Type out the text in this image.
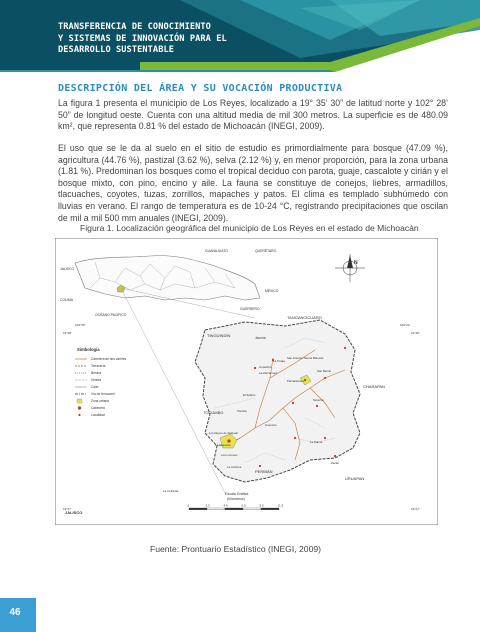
TRANSFERENCIA DE CONOCIMIENTO
Y SISTEMAS DE INNOVACIÓN PARA EL
DESARROLLO SUSTENTABLE
DESCRIPCIÓN DEL ÁREA Y SU VOCACIÓN PRODUCTIVA

La figura 1 presenta el municipio de Los Reyes, localizado a 19° 35’ 30” de latitud norte y 102° 28’ 50” de longitud oeste. Cuenta con una altitud media de mil 300 metros. La superficie es de 480.09 km², que representa 0.81 % del estado de Michoacán (INEGI, 2009).

El uso que se le da al suelo en el sitio de estudio es primordialmente para bosque (47.09 %), agricultura (44.76 %), pastizal (3.62 %), selva (2.12 %) y, en menor proporción, para la zona urbana (1.81 %). Predominan los bosques como el tropical deciduo con parota, guaje, cascalote y cirián y el bosque mixto, con pino, encino y aile. La fauna se constituye de conejos, liebres, armadillos, tlacuaches, coyotes, tuzas, zorrillos, mapaches y patos. El clima es templado subhúmedo con lluvias en verano. El rango de temperatura es de 10-24 °C, registrando precipitaciones que oscilan de mil a mil 500 mm anuales (INEGI, 2009).

Figura 1. Localización geográfica del municipio de Los Reyes en el estado de Michoacán
GUANAJUATO	QUERÉTARO
JALISCO
MÉXICO
COLIMA
GUERRERO
OCÉANO PACÍFICO
N
TANGANCÍCUARO
TINGÜINDÍN	Jacona
TOCUMBO
CHARAPAN
PERIBÁN
URUAPAN
JALISCO
Los Reyes de Salgado
San Antonio Tierras Blancas
La Tinaja
Cupatziro
Pamatácuaro
La Zarzamora	San Benito
Sicuicho
La Palma
Los Limones
La Cantera
Zacán
La Cofradía
Tiamba
La Higuerita
El Sabino
Huecorio
Simbología
Carretera de dos carriles
Terracería
Brecha
Vereda
Calle
Vía de ferrocarril
Zona urbana
Cabecera
Localidad
102°35'	102°22'
19°48'	19°48'
19°27'	19°27'
Escala Gráfica
(Kilómetros)
0	2.3	4.6	6.9	9.2	11.5
Fuente: Prontuario Estadístico (INEGI, 2009)
46
